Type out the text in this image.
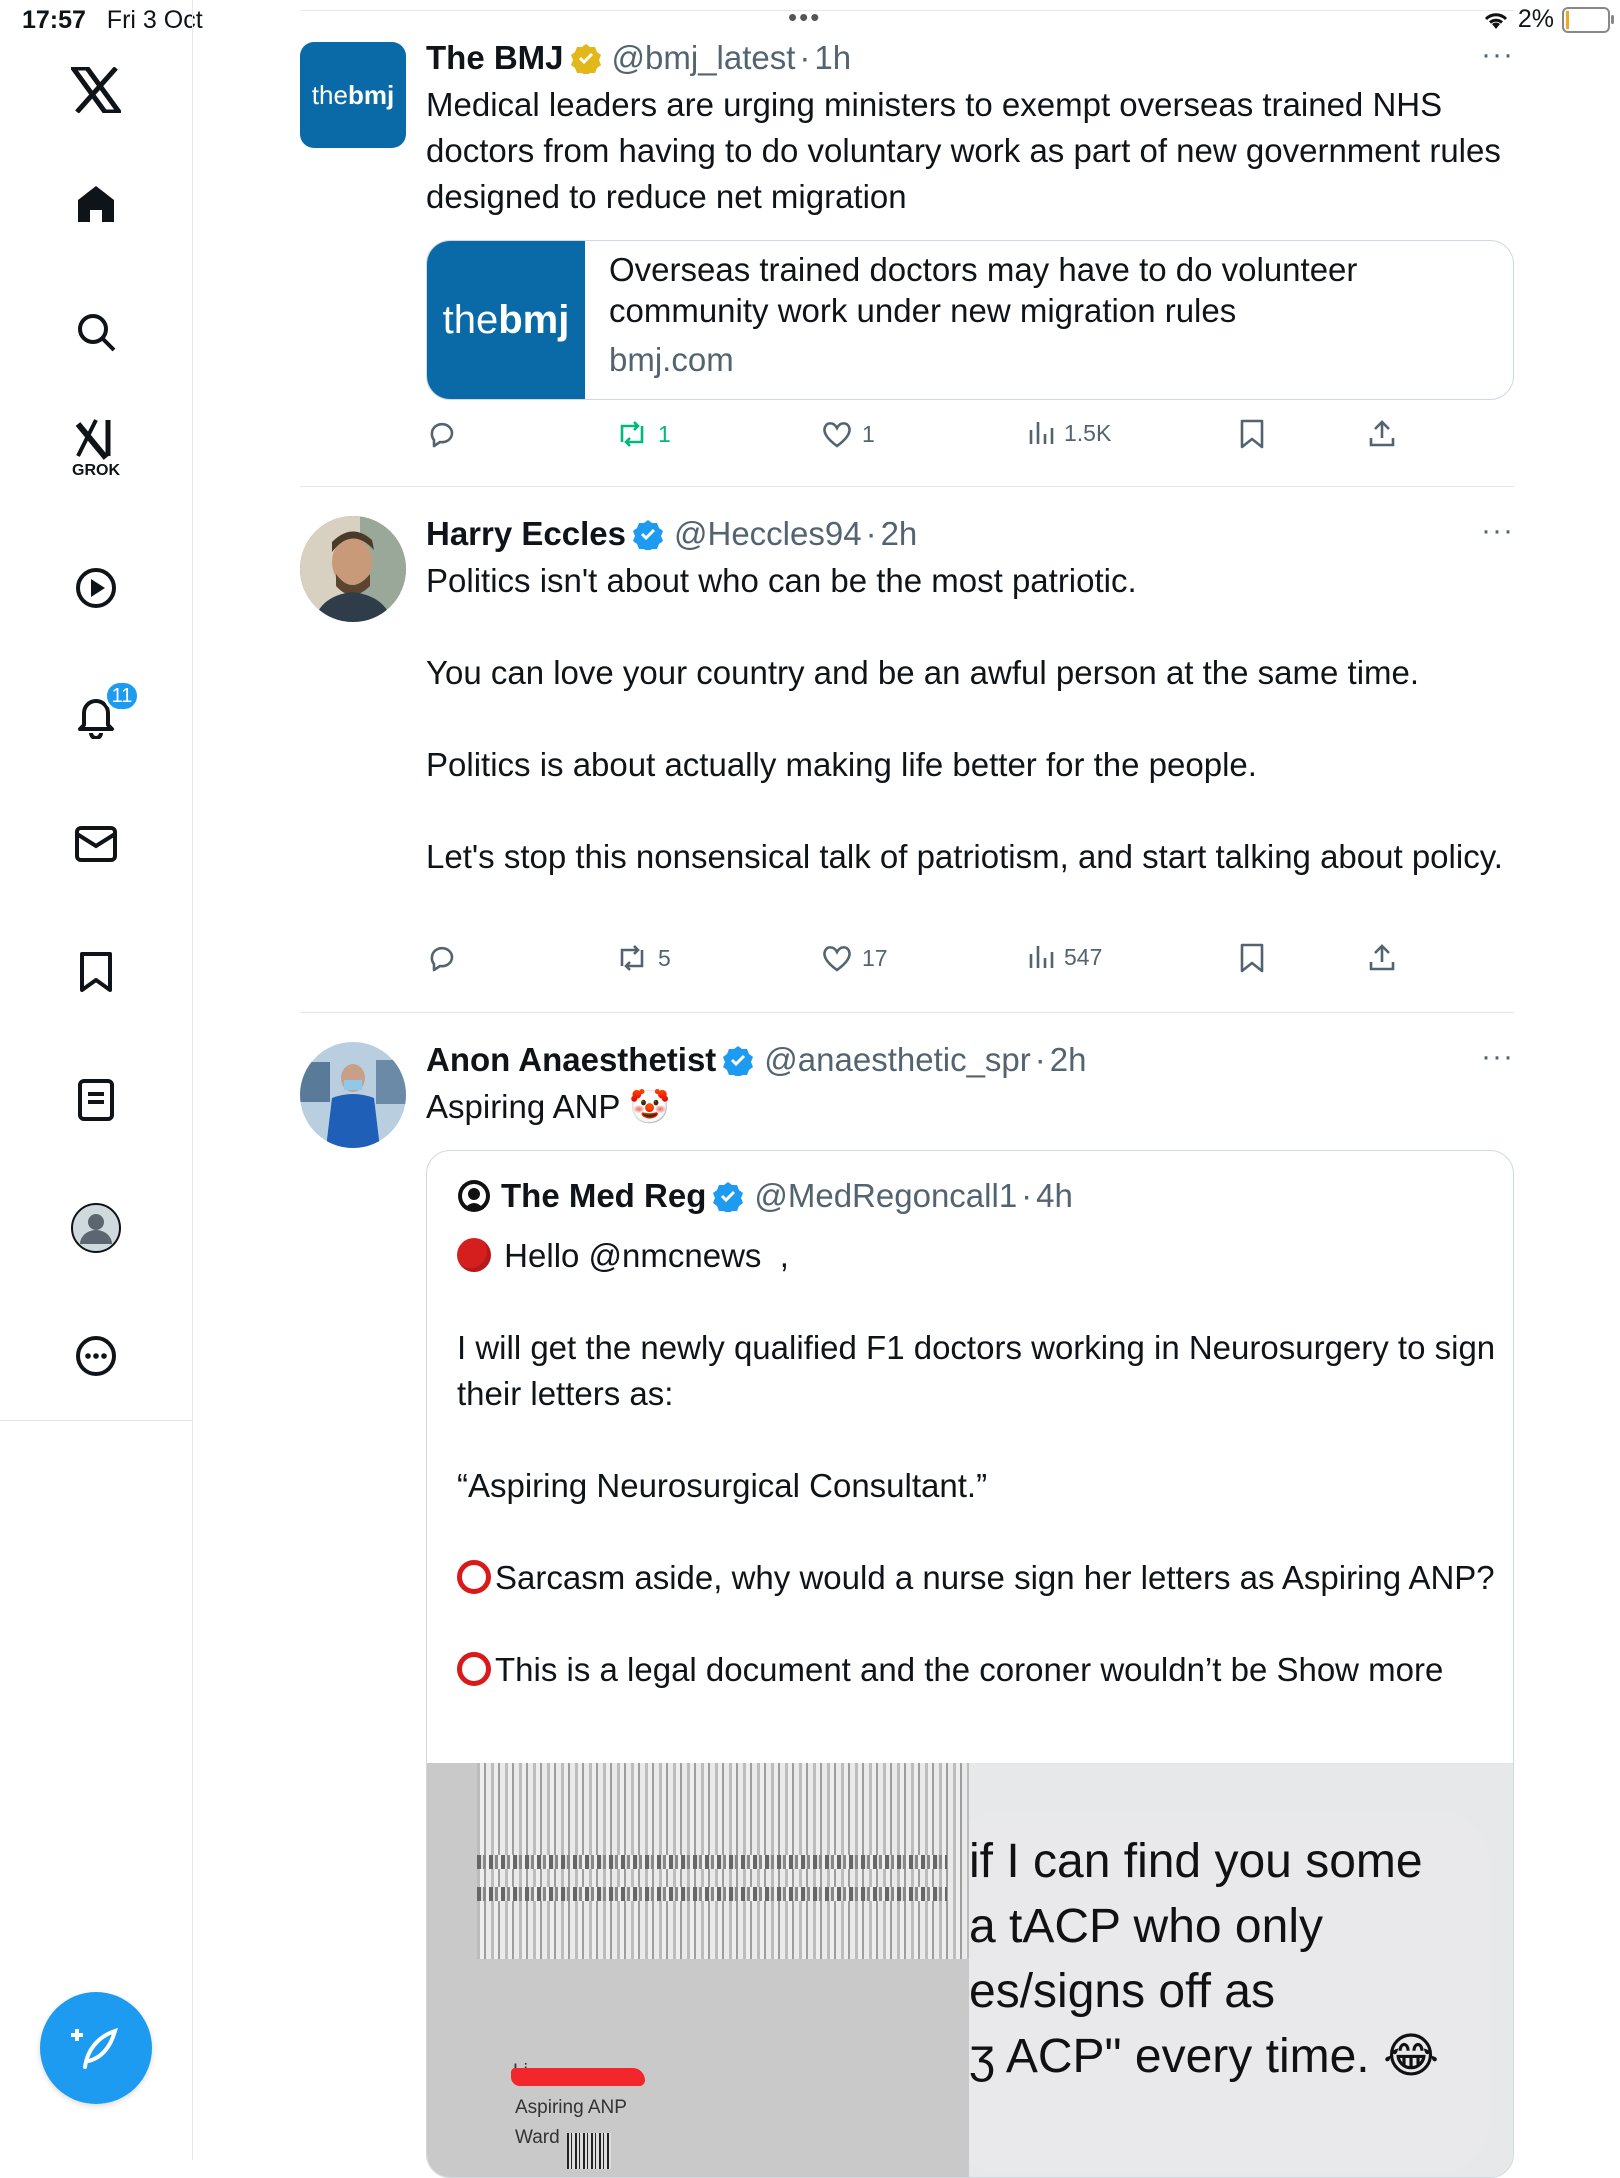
17:57 Fri 3 Oct	•••	2%
GROK
11
the bmj
The BMJ @bmj_latest · 1h	···
Medical leaders are urging ministers to exempt overseas trained NHS doctors from having to do voluntary work as part of new government rules designed to reduce net migration
the bmj
Overseas trained doctors may have to do volunteer community work under new migration rules
bmj.com
1	1	1.5K
Harry Eccles @Heccles94 · 2h	···
Politics isn't about who can be the most patriotic.

You can love your country and be an awful person at the same time.

Politics is about actually making life better for the people.

Let's stop this nonsensical talk of patriotism, and start talking about policy.
5	17	547
Anon Anaesthetist @anaesthetic_spr · 2h	···
Aspiring ANP 🤡
The Med Reg @MedRegoncall1 · 4h
Hello @nmcnews  ,

I will get the newly qualified F1 doctors working in Neurosurgery to sign their letters as:

“Aspiring Neurosurgical Consultant.”

Sarcasm aside, why would a nurse sign her letters as Aspiring ANP?

This is a legal document and the coroner wouldn’t be Show more
Aspiring ANP
Ward
if I can find you some
a tACP who only
es/signs off as
ʒ ACP" every time. 😂
